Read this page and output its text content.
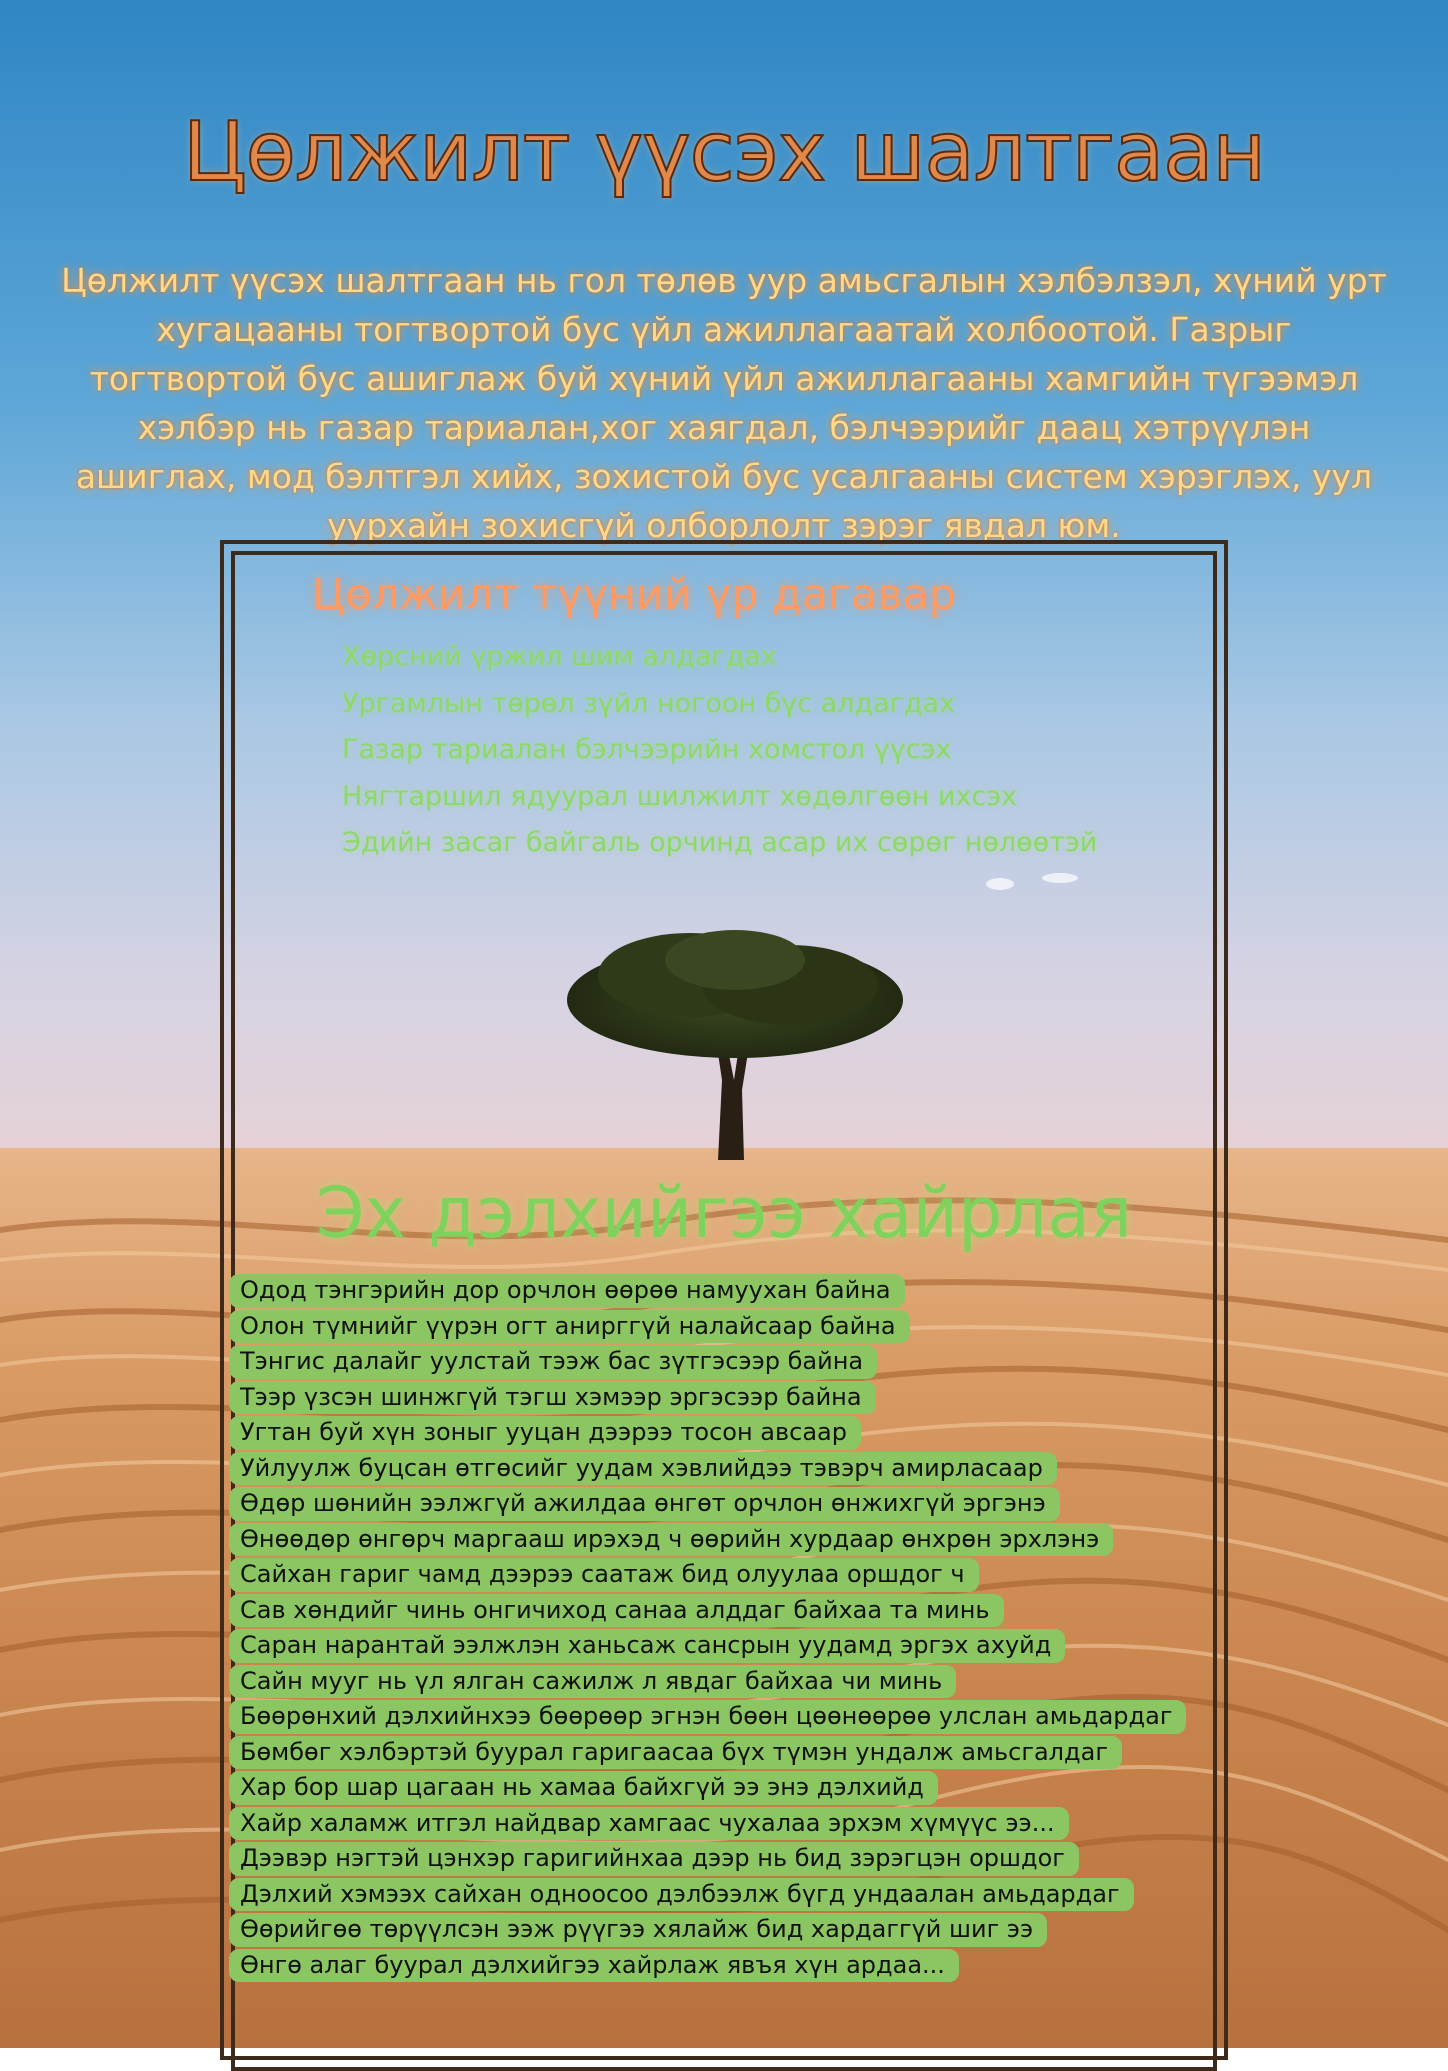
Цөлжилт үүсэх шалтгаан
Цөлжилт үүсэх шалтгаан нь гол төлөв уур амьсгалын хэлбэлзэл, хүний урт хугацааны тогтвортой бус үйл ажиллагаатай холбоотой. Газрыг тогтвортой бус ашиглаж буй хүний үйл ажиллагааны хамгийн түгээмэл хэлбэр нь газар тариалан,хог хаягдал, бэлчээрийг даац хэтрүүлэн ашиглах, мод бэлтгэл хийх, зохистой бус усалгааны систем хэрэглэх, уул уурхайн зохисгүй олборлолт зэрэг явдал юм.
Цөлжилт түүний үр дагавар
Хөрсний үржил шим алдагдах
Ургамлын төрөл зүйл ногоон бүс алдагдах
Газар тариалан бэлчээрийн хомстол үүсэх
Нягтаршил ядуурал шилжилт хөдөлгөөн ихсэх
Эдийн засаг байгаль орчинд асар их сөрөг нөлөөтэй
Эх дэлхийгээ хайрлая
Одод тэнгэрийн дор орчлон өөрөө намуухан байна
Олон түмнийг үүрэн огт анирггүй налайсаар байна
Тэнгис далайг уулстай тээж бас зүтгэсээр байна
Тээр үзсэн шинжгүй тэгш хэмээр эргэсээр байна
Угтан буй хүн зоныг ууцан дээрээ тосон авсаар
Уйлуулж буцсан өтгөсийг уудам хэвлийдээ тэвэрч амирласаар
Өдөр шөнийн ээлжгүй ажилдаа өнгөт орчлон өнжихгүй эргэнэ
Өнөөдөр өнгөрч маргааш ирэхэд ч өөрийн хурдаар өнхрөн эрхлэнэ
Сайхан гариг чамд дээрээ саатаж бид олуулаа оршдог ч
Сав хөндийг чинь онгичиход санаа алддаг байхаа та минь
Саран нарантай ээлжлэн ханьсаж сансрын уудамд эргэх ахуйд
Сайн мууг нь үл ялган сажилж л явдаг байхаа чи минь
Бөөрөнхий дэлхийнхээ бөөрөөр эгнэн бөөн цөөнөөрөө улслан амьдардаг
Бөмбөг хэлбэртэй буурал гаригаасаа бүх түмэн ундалж амьсгалдаг
Хар бор шар цагаан нь хамаа байхгүй ээ энэ дэлхийд
Хайр халамж итгэл найдвар хамгаас чухалаа эрхэм хүмүүс ээ...
Дээвэр нэгтэй цэнхэр гаригийнхаа дээр нь бид зэрэгцэн оршдог
Дэлхий хэмээх сайхан одноосоо дэлбээлж бүгд ундаалан амьдардаг
Өөрийгөө төрүүлсэн ээж рүүгээ хялайж бид хардаггүй шиг ээ
Өнгө алаг буурал дэлхийгээ хайрлаж явъя хүн ардаа...
